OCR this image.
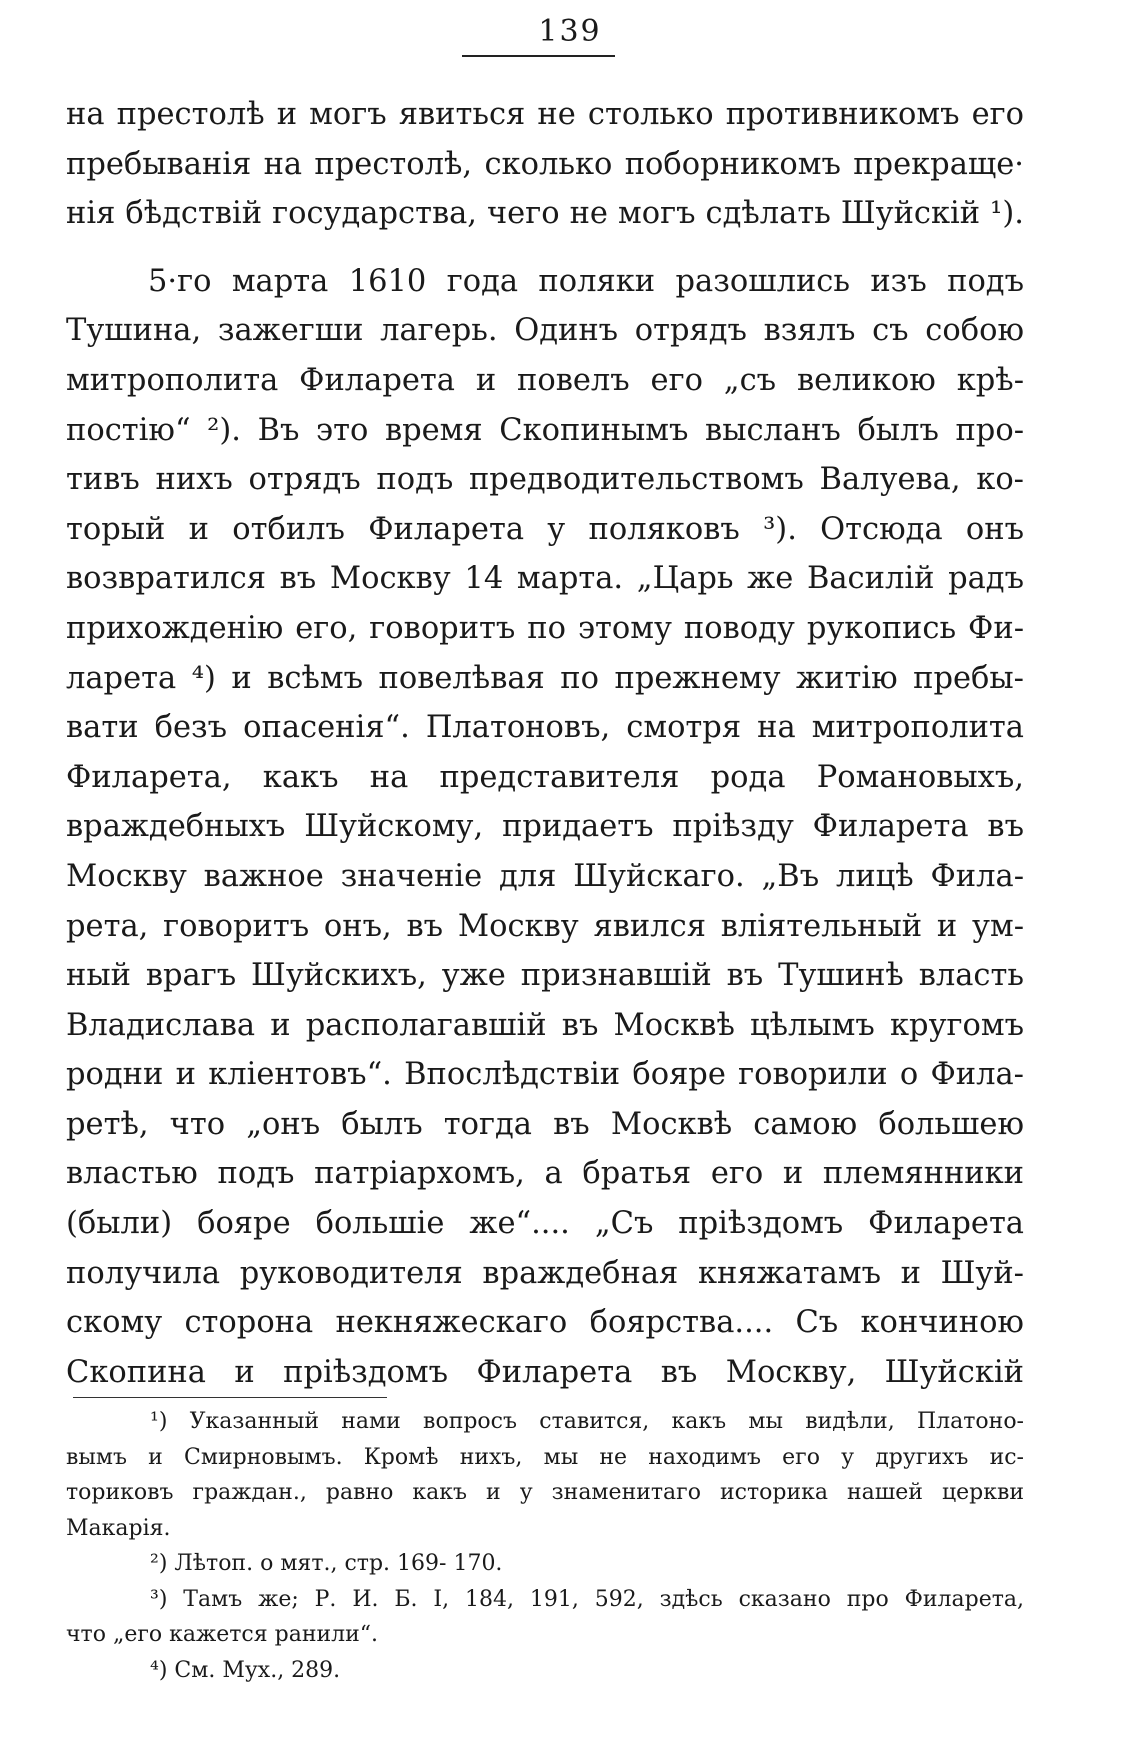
139
на престолѣ и могъ явиться не столько противникомъ его
пребыванія на престолѣ, сколько поборникомъ прекраще·
нія бѣдствій государства, чего не могъ сдѣлать Шуйскій ¹).
5·го марта 1610 года поляки разошлись изъ подъ
Тушина, зажегши лагерь. Одинъ отрядъ взялъ съ собою
митрополита Филарета и повелъ его „съ великою крѣ-
постію“ ²). Въ это время Скопинымъ высланъ былъ про-
тивъ нихъ отрядъ подъ предводительствомъ Валуева, ко-
торый и отбилъ Филарета у поляковъ ³). Отсюда онъ
возвратился въ Москву 14 марта. „Царь же Василій радъ
прихожденію его, говоритъ по этому поводу рукопись Фи-
ларета ⁴) и всѣмъ повелѣвая по прежнему житію пребы-
вати безъ опасенія“. Платоновъ, смотря на митрополита
Филарета, какъ на представителя рода Романовыхъ,
враждебныхъ Шуйскому, придаетъ пріѣзду Филарета въ
Москву важное значеніе для Шуйскаго. „Въ лицѣ Фила-
рета, говоритъ онъ, въ Москву явился вліятельный и ум-
ный врагъ Шуйскихъ, уже признавшій въ Тушинѣ власть
Владислава и располагавшій въ Москвѣ цѣлымъ кругомъ
родни и кліентовъ“. Впослѣдствіи бояре говорили о Фила-
ретѣ, что „онъ былъ тогда въ Москвѣ самою большею
властью подъ патріархомъ, а братья его и племянники
(были) бояре большіе же“.... „Съ пріѣздомъ Филарета
получила руководителя враждебная княжатамъ и Шуй-
скому сторона некняжескаго боярства.... Съ кончиною
Скопина и пріѣздомъ Филарета въ Москву, Шуйскій
¹) Указанный нами вопросъ ставится, какъ мы видѣли, Платоно-
вымъ и Смирновымъ. Кромѣ нихъ, мы не находимъ его у другихъ ис-
ториковъ граждан., равно какъ и у знаменитаго историка нашей церкви
Макарія.
²) Лѣтоп. о мят., стр. 169- 170.
³) Тамъ же; Р. И. Б. I, 184, 191, 592, здѣсь сказано про Филарета,
что „его кажется ранили“.
⁴) См. Мух., 289.
